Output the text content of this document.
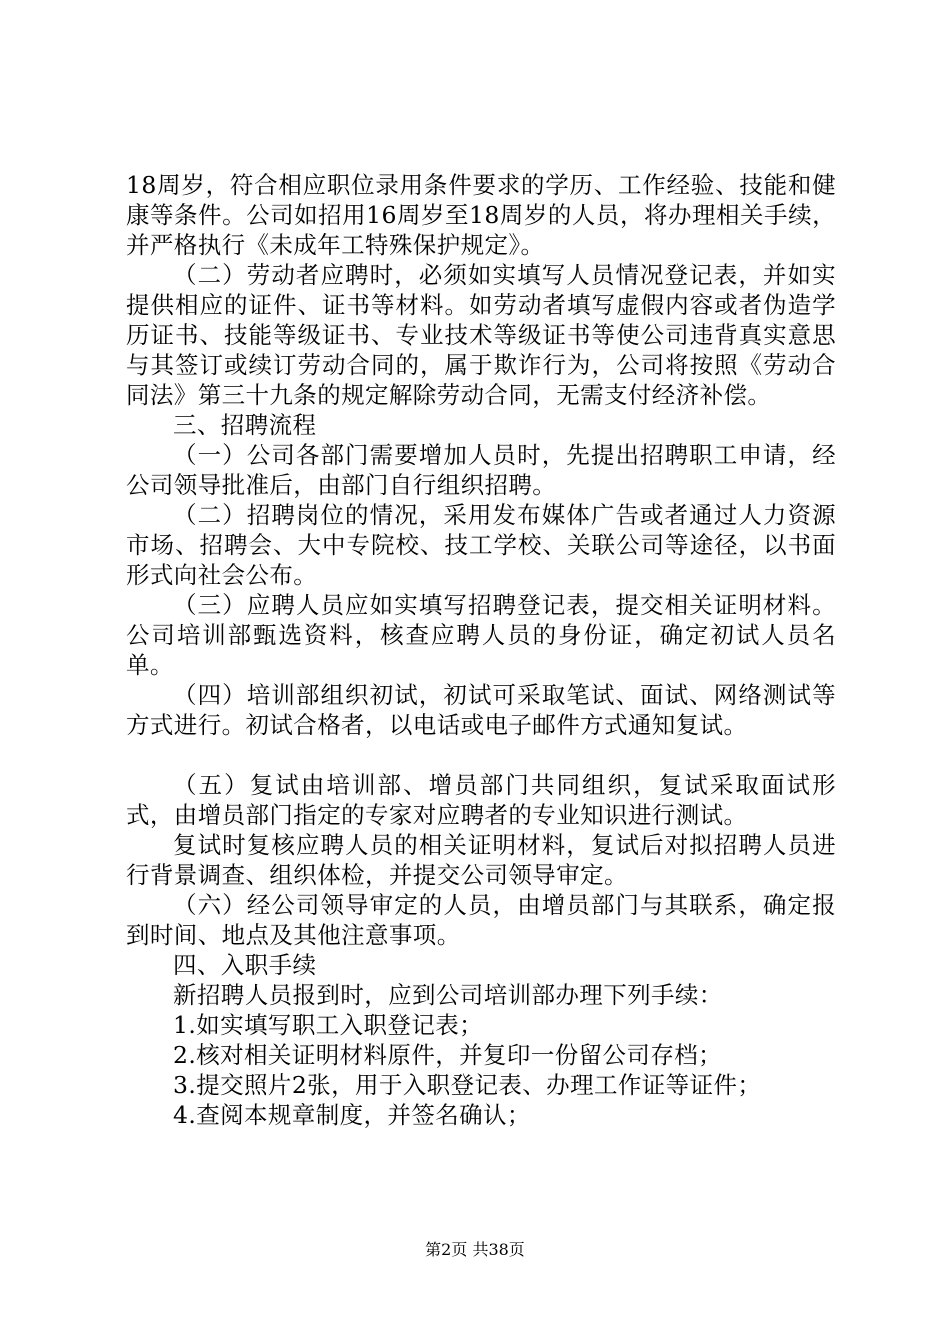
18周岁，符合相应职位录用条件要求的学历、工作经验、技能和健康等条件。公司如招用16周岁至18周岁的人员，将办理相关手续，并严格执行《未成年工特殊保护规定》。

（二）劳动者应聘时，必须如实填写人员情况登记表，并如实提供相应的证件、证书等材料。如劳动者填写虚假内容或者伪造学历证书、技能等级证书、专业技术等级证书等使公司违背真实意思与其签订或续订劳动合同的，属于欺诈行为，公司将按照《劳动合同法》第三十九条的规定解除劳动合同，无需支付经济补偿。

三、招聘流程

（一）公司各部门需要增加人员时，先提出招聘职工申请，经公司领导批准后，由部门自行组织招聘。

（二）招聘岗位的情况，采用发布媒体广告或者通过人力资源市场、招聘会、大中专院校、技工学校、关联公司等途径，以书面形式向社会公布。

（三）应聘人员应如实填写招聘登记表，提交相关证明材料。公司培训部甄选资料，核查应聘人员的身份证，确定初试人员名单。

（四）培训部组织初试，初试可采取笔试、面试、网络测试等方式进行。初试合格者，以电话或电子邮件方式通知复试。

（五）复试由培训部、增员部门共同组织，复试采取面试形式，由增员部门指定的专家对应聘者的专业知识进行测试。

复试时复核应聘人员的相关证明材料，复试后对拟招聘人员进行背景调查、组织体检，并提交公司领导审定。

（六）经公司领导审定的人员，由增员部门与其联系，确定报到时间、地点及其他注意事项。

四、入职手续

新招聘人员报到时，应到公司培训部办理下列手续：

1.如实填写职工入职登记表；

2.核对相关证明材料原件，并复印一份留公司存档；

3.提交照片2张，用于入职登记表、办理工作证等证件；

4.查阅本规章制度，并签名确认；

第2页 共38页
